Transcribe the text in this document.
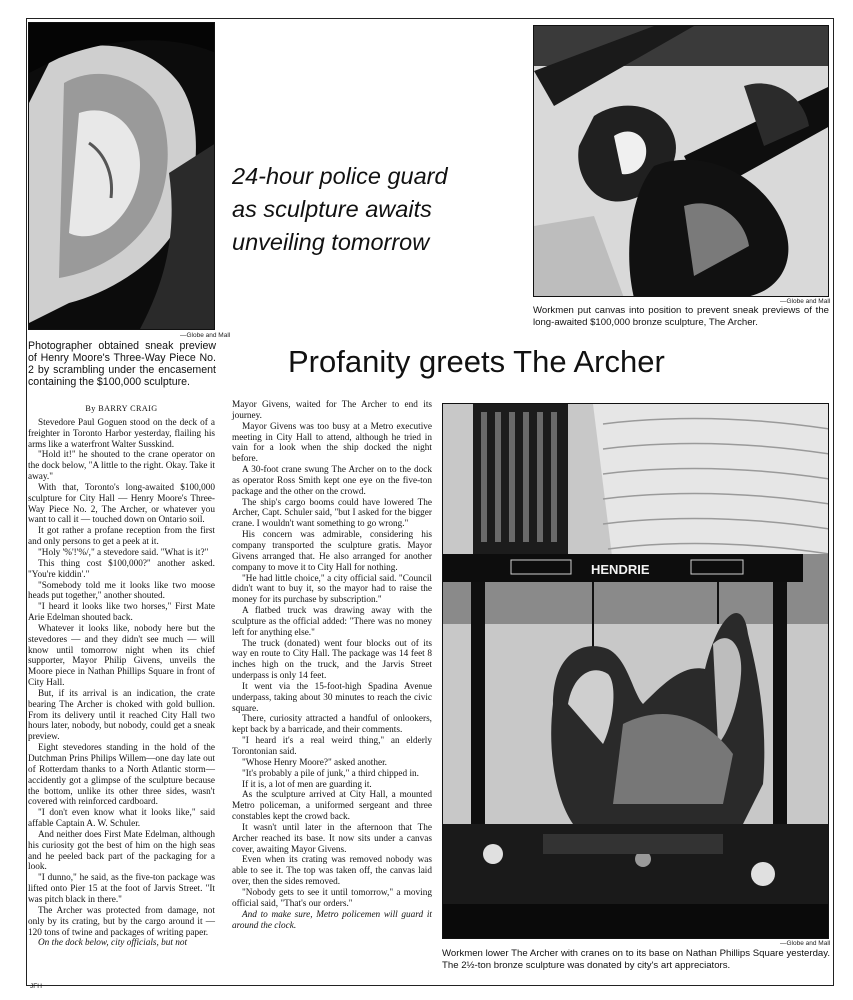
—Globe and Mall
Photographer obtained sneak preview of Henry Moore's Three-Way Piece No. 2 by scrambling under the encasement containing the $100,000 sculpture.
24-hour police guard
as sculpture awaits
unveiling tomorrow
—Globe and Mall
Workmen put canvas into position to prevent sneak previews of the long-awaited $100,000 bronze sculpture, The Archer.
Profanity greets The Archer
By BARRY CRAIG

Stevedore Paul Goguen stood on the deck of a freighter in Toronto Harbor yesterday, flailing his arms like a waterfront Walter Susskind.

"Hold it!" he shouted to the crane operator on the dock below, "A little to the right. Okay. Take it away."

With that, Toronto's long-awaited $100,000 sculpture for City Hall — Henry Moore's Three-Way Piece No. 2, The Archer, or whatever you want to call it — touched down on Ontario soil.

It got rather a profane reception from the first and only persons to get a peek at it.

"Holy '%'!'%/," a stevedore said. "What is it?"

This thing cost $100,000?" another asked. "You're kiddin'."

"Somebody told me it looks like two moose heads put together," another shouted.

"I heard it looks like two horses," First Mate Arie Edelman shouted back.

Whatever it looks like, nobody here but the stevedores — and they didn't see much — will know until tomorrow night when its chief supporter, Mayor Philip Givens, unveils the Moore piece in Nathan Phillips Square in front of City Hall.

But, if its arrival is an indication, the crate bearing The Archer is choked with gold bullion. From its delivery until it reached City Hall two hours later, nobody, but nobody, could get a sneak preview.

Eight stevedores standing in the hold of the Dutchman Prins Philips Willem—one day late out of Rotterdam thanks to a North Atlantic storm—accidently got a glimpse of the sculpture because the bottom, unlike its other three sides, wasn't covered with reinforced cardboard.

"I don't even know what it looks like," said affable Captain A. W. Schuler.

And neither does First Mate Edelman, although his curiosity got the best of him on the high seas and he peeled back part of the packaging for a look.

"I dunno," he said, as the five-ton package was lifted onto Pier 15 at the foot of Jarvis Street. "It was pitch black in there."

The Archer was protected from damage, not only by its crating, but by the cargo around it — 120 tons of twine and packages of writing paper.

On the dock below, city officials, but not

Mayor Givens, waited for The Archer to end its journey.

Mayor Givens was too busy at a Metro executive meeting in City Hall to attend, although he tried in vain for a look when the ship docked the night before.

A 30-foot crane swung The Archer on to the dock as operator Ross Smith kept one eye on the five-ton package and the other on the crowd.

The ship's cargo booms could have lowered The Archer, Capt. Schuler said, "but I asked for the bigger crane. I wouldn't want something to go wrong."

His concern was admirable, considering his company transported the sculpture gratis. Mayor Givens arranged that. He also arranged for another company to move it to City Hall for nothing.

"He had little choice," a city official said. "Council didn't want to buy it, so the mayor had to raise the money for its purchase by subscription."

A flatbed truck was drawing away with the sculpture as the official added: "There was no money left for anything else."

The truck (donated) went four blocks out of its way en route to City Hall. The package was 14 feet 8 inches high on the truck, and the Jarvis Street underpass is only 14 feet.

It went via the 15-foot-high Spadina Avenue underpass, taking about 30 minutes to reach the civic square.

There, curiosity attracted a handful of onlookers, kept back by a barricade, and their comments.

"I heard it's a real weird thing," an elderly Torontonian said.

"Whose Henry Moore?" asked another.

"It's probably a pile of junk," a third chipped in.

If it is, a lot of men are guarding it.

As the sculpture arrived at City Hall, a mounted Metro policeman, a uniformed sergeant and three constables kept the crowd back.

It wasn't until later in the afternoon that The Archer reached its base. It now sits under a canvas cover, awaiting Mayor Givens.

Even when its crating was removed nobody was able to see it. The top was taken off, the canvas laid over, then the sides removed.

"Nobody gets to see it until tomorrow," a moving official said, "That's our orders."

And to make sure, Metro policemen will guard it around the clock.

HENDRIE
—Globe and Mall
Workmen lower The Archer with cranes on to its base on Nathan Phillips Square yesterday. The 2½-ton bronze sculpture was donated by city's art appreciators.
JFH
